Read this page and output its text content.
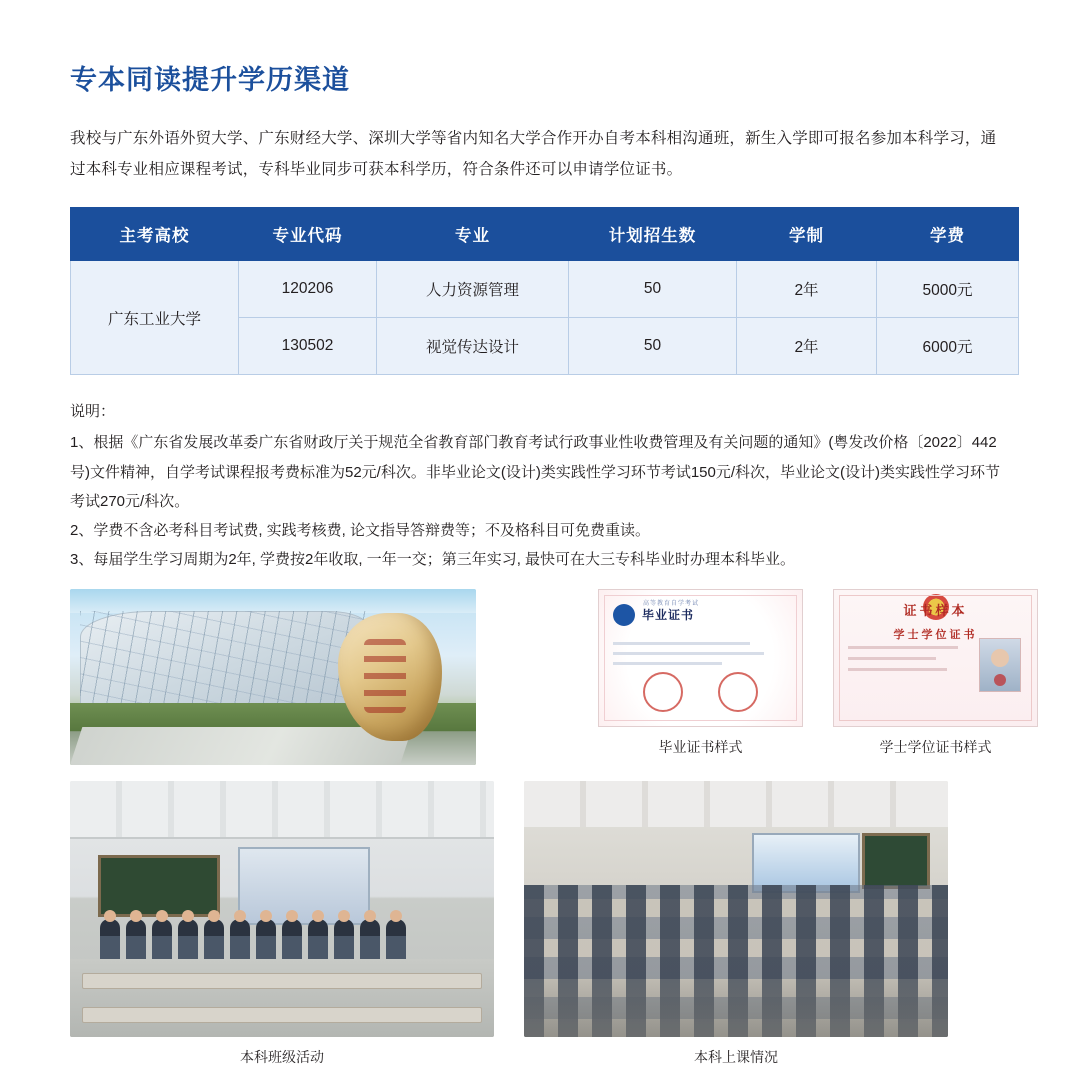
专本同读提升学历渠道

我校与广东外语外贸大学、广东财经大学、深圳大学等省内知名大学合作开办自考本科相沟通班，新生入学即可报名参加本科学习，通过本科专业相应课程考试，专科毕业同步可获本科学历，符合条件还可以申请学位证书。

主考高校	专业代码	专业	计划招生数	学制	学费
广东工业大学	120206	人力资源管理	50	2年	5000元
	130502	视觉传达设计	50	2年	6000元

说明：

1、根据《广东省发展改革委广东省财政厅关于规范全省教育部门教育考试行政事业性收费管理及有关问题的通知》(粤发改价格〔2022〕442号)文件精神，自学考试课程报考费标准为52元/科次。非毕业论文(设计)类实践性学习环节考试150元/科次，毕业论文(设计)类实践性学习环节考试270元/科次。

2、学费不含必考科目考试费, 实践考核费, 论文指导答辩费等；不及格科目可免费重读。

3、每届学生学习周期为2年, 学费按2年收取, 一年一交；第三年实习, 最快可在大三专科毕业时办理本科毕业。

高等教育自学考试
毕业证书
毕业证书样式
证书样本
学士学位证书
学士学位证书样式
本科班级活动	本科上课情况
